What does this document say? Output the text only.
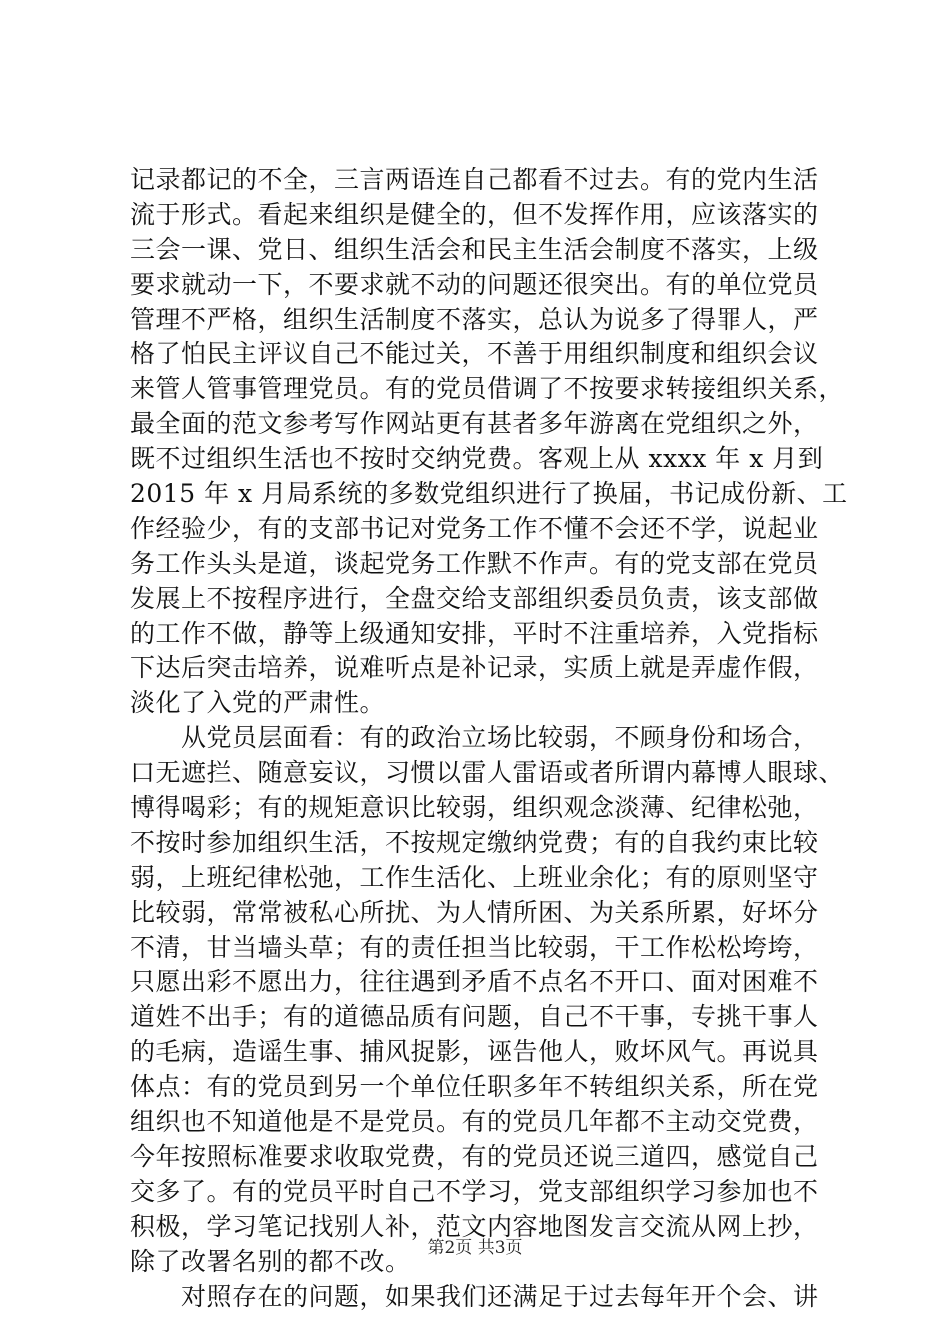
记录都记的不全，三言两语连自己都看不过去。有的党内生活
流于形式。看起来组织是健全的，但不发挥作用，应该落实的
三会一课、党日、组织生活会和民主生活会制度不落实，上级
要求就动一下，不要求就不动的问题还很突出。有的单位党员
管理不严格，组织生活制度不落实，总认为说多了得罪人，严
格了怕民主评议自己不能过关，不善于用组织制度和组织会议
来管人管事管理党员。有的党员借调了不按要求转接组织关系，
最全面的范文参考写作网站更有甚者多年游离在党组织之外，
既不过组织生活也不按时交纳党费。客观上从 xxxx 年 x 月到
2015 年 x 月局系统的多数党组织进行了换届，书记成份新、工
作经验少，有的支部书记对党务工作不懂不会还不学，说起业
务工作头头是道，谈起党务工作默不作声。有的党支部在党员
发展上不按程序进行，全盘交给支部组织委员负责，该支部做
的工作不做，静等上级通知安排，平时不注重培养，入党指标
下达后突击培养，说难听点是补记录，实质上就是弄虚作假，
淡化了入党的严肃性。
　　从党员层面看：有的政治立场比较弱，不顾身份和场合，
口无遮拦、随意妄议，习惯以雷人雷语或者所谓内幕博人眼球、
博得喝彩；有的规矩意识比较弱，组织观念淡薄、纪律松弛，
不按时参加组织生活，不按规定缴纳党费；有的自我约束比较
弱，上班纪律松弛，工作生活化、上班业余化；有的原则坚守
比较弱，常常被私心所扰、为人情所困、为关系所累，好坏分
不清，甘当墙头草；有的责任担当比较弱，干工作松松垮垮，
只愿出彩不愿出力，往往遇到矛盾不点名不开口、面对困难不
道姓不出手；有的道德品质有问题，自己不干事，专挑干事人
的毛病，造谣生事、捕风捉影，诬告他人，败坏风气。再说具
体点：有的党员到另一个单位任职多年不转组织关系，所在党
组织也不知道他是不是党员。有的党员几年都不主动交党费，
今年按照标准要求收取党费，有的党员还说三道四，感觉自己
交多了。有的党员平时自己不学习，党支部组织学习参加也不
积极，学习笔记找别人补，范文内容地图发言交流从网上抄，
除了改署名别的都不改。
　　对照存在的问题，如果我们还满足于过去每年开个会、讲
第2页 共3页
